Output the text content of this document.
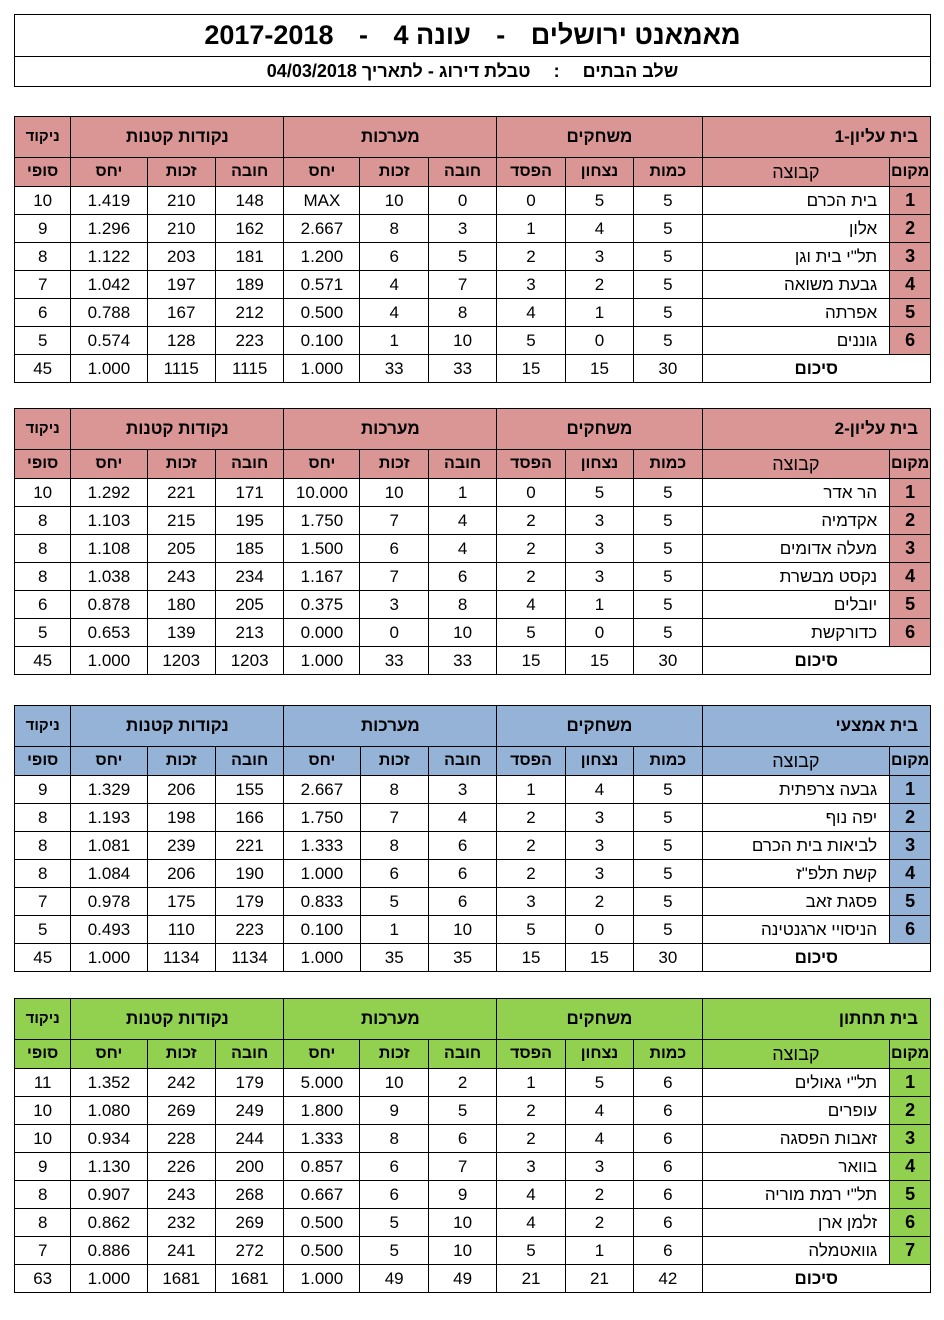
מאמאנט ירושלים - עונה 4 - 2017-2018
שלב הבתים : טבלת דירוג - לתאריך 04/03/2018
בית עליון-1		משחקים			מערכות			נקודות קטנות			ניקוד
מקום	קבוצה	כמות	נצחון	הפסד	חובה	זכות	יחס	חובה	זכות	יחס	סופי
1	בית הכרם	5	5	0	0	10	MAX	148	210	1.419	10
2	אלון	5	4	1	3	8	2.667	162	210	1.296	9
3	תל"י בית וגן	5	3	2	5	6	1.200	181	203	1.122	8
4	גבעת משואה	5	2	3	7	4	0.571	189	197	1.042	7
5	אפרתה	5	1	4	8	4	0.500	212	167	0.788	6
6	גוננים	5	0	5	10	1	0.100	223	128	0.574	5
סיכום		30	15	15	33	33	1.000	1115	1115	1.000	45
בית עליון-2		משחקים			מערכות			נקודות קטנות			ניקוד
מקום	קבוצה	כמות	נצחון	הפסד	חובה	זכות	יחס	חובה	זכות	יחס	סופי
1	הר אדר	5	5	0	1	10	10.000	171	221	1.292	10
2	אקדמיה	5	3	2	4	7	1.750	195	215	1.103	8
3	מעלה אדומים	5	3	2	4	6	1.500	185	205	1.108	8
4	נקסט מבשרת	5	3	2	6	7	1.167	234	243	1.038	8
5	יובלים	5	1	4	8	3	0.375	205	180	0.878	6
6	כדורקשת	5	0	5	10	0	0.000	213	139	0.653	5
סיכום		30	15	15	33	33	1.000	1203	1203	1.000	45
בית אמצעי		משחקים			מערכות			נקודות קטנות			ניקוד
מקום	קבוצה	כמות	נצחון	הפסד	חובה	זכות	יחס	חובה	זכות	יחס	סופי
1	גבעה צרפתית	5	4	1	3	8	2.667	155	206	1.329	9
2	יפה נוף	5	3	2	4	7	1.750	166	198	1.193	8
3	לביאות בית הכרם	5	3	2	6	8	1.333	221	239	1.081	8
4	קשת תלפ"ז	5	3	2	6	6	1.000	190	206	1.084	8
5	פסגת זאב	5	2	3	6	5	0.833	179	175	0.978	7
6	הניסויי ארגנטינה	5	0	5	10	1	0.100	223	110	0.493	5
סיכום		30	15	15	35	35	1.000	1134	1134	1.000	45
בית תחתון		משחקים			מערכות			נקודות קטנות			ניקוד
מקום	קבוצה	כמות	נצחון	הפסד	חובה	זכות	יחס	חובה	זכות	יחס	סופי
1	תל"י גאולים	6	5	1	2	10	5.000	179	242	1.352	11
2	עופרים	6	4	2	5	9	1.800	249	269	1.080	10
3	זאבות הפסגה	6	4	2	6	8	1.333	244	228	0.934	10
4	בוואר	6	3	3	7	6	0.857	200	226	1.130	9
5	תל"י רמת מוריה	6	2	4	9	6	0.667	268	243	0.907	8
6	זלמן ארן	6	2	4	10	5	0.500	269	232	0.862	8
7	גוואטמלה	6	1	5	10	5	0.500	272	241	0.886	7
סיכום		42	21	21	49	49	1.000	1681	1681	1.000	63
